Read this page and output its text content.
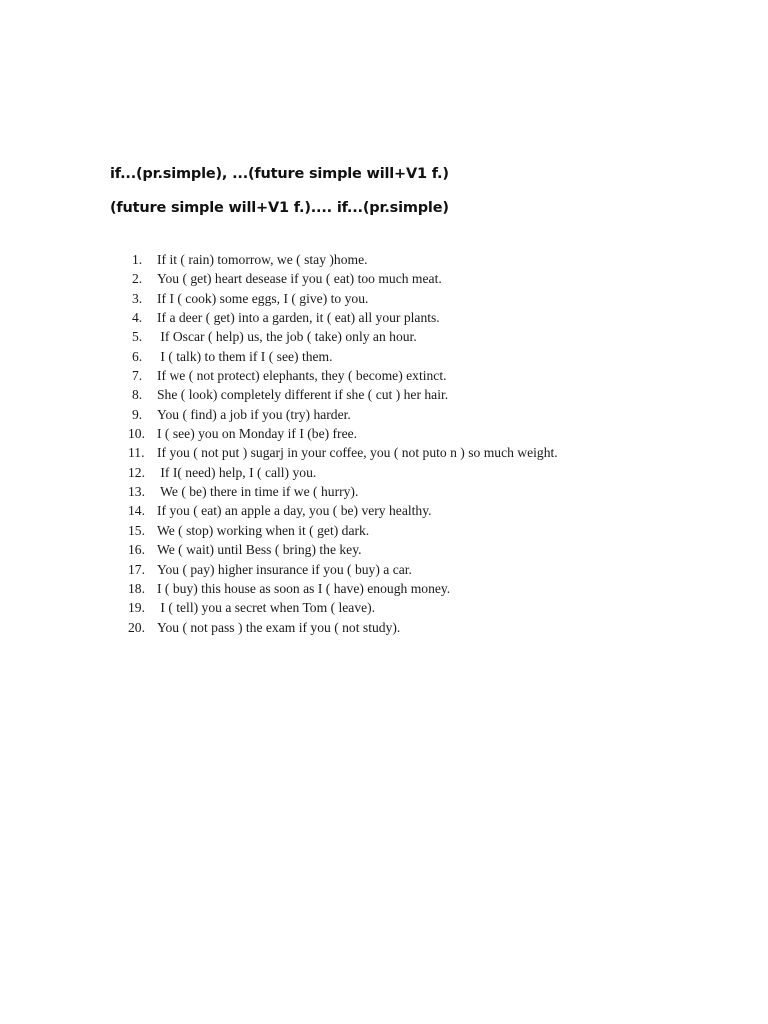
if...(pr.simple), ...(future simple will+V1 f.)
(future simple will+V1 f.).... if...(pr.simple)
1.	If it ( rain) tomorrow, we ( stay )home.
2.	You ( get) heart desease if you ( eat) too much meat.
3.	If I ( cook) some eggs, I ( give) to you.
4.	If a deer ( get) into a garden, it ( eat) all your plants.
5.	If Oscar ( help) us, the job ( take) only an hour.
6.	I ( talk) to them if I ( see) them.
7.	If we ( not protect) elephants, they ( become) extinct.
8.	She ( look) completely different if she ( cut ) her hair.
9.	You ( find) a job if you (try) harder.
10. I ( see) you on Monday if I (be) free.
11. If you ( not put ) sugarj in your coffee, you ( not puto n ) so much weight.
12. If I( need) help, I ( call) you.
13. We ( be) there in time if we ( hurry).
14. If you ( eat) an apple a day, you ( be) very healthy.
15. We ( stop) working when it ( get) dark.
16. We ( wait) until Bess ( bring) the key.
17. You ( pay) higher insurance if you ( buy) a car.
18. I ( buy) this house as soon as I ( have) enough money.
19. I ( tell) you a secret when Tom ( leave).
20. You ( not pass ) the exam if you ( not study).
